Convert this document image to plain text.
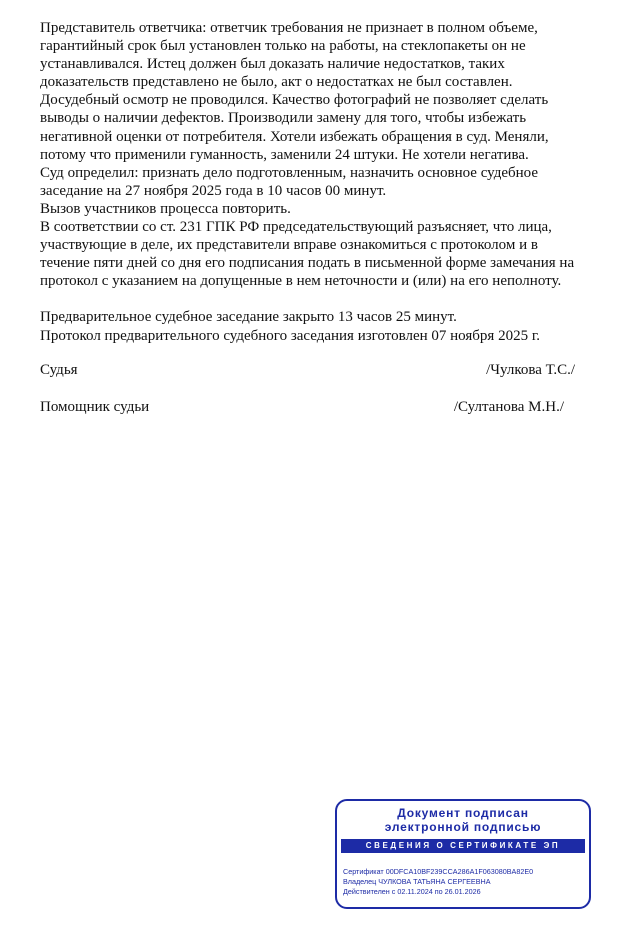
Представитель ответчика: ответчик требования не признает в полном объеме,
гарантийный срок был установлен только на работы, на стеклопакеты он не
устанавливался. Истец должен был доказать наличие недостатков, таких
доказательств представлено не было, акт о недостатках не был составлен.
Досудебный осмотр не проводился. Качество фотографий не позволяет сделать
выводы о наличии дефектов. Производили замену для того, чтобы избежать
негативной оценки от потребителя. Хотели избежать обращения в суд. Меняли,
потому что применили гуманность, заменили 24 штуки. Не хотели негатива.
Суд определил: признать дело подготовленным, назначить основное судебное
заседание на 27 ноября 2025 года в 10 часов 00 минут.
Вызов участников процесса повторить.
В соответствии со ст. 231 ГПК РФ председательствующий разъясняет, что лица,
участвующие в деле, их представители вправе ознакомиться с протоколом и в
течение пяти дней со дня его подписания подать в письменной форме замечания на
протокол с указанием на допущенные в нем неточности и (или) на его неполноту.
Предварительное судебное заседание закрыто 13 часов 25 минут.
Протокол предварительного судебного заседания изготовлен 07 ноября 2025 г.
Судья	/Чулкова Т.С./
Помощник судьи	/Султанова М.Н./
Документ подписан
электронной подписью
СВЕДЕНИЯ О СЕРТИФИКАТЕ ЭП
Сертификат 00DFCA10BF239CCA286A1F063080BA82E0
Владелец ЧУЛКОВА ТАТЬЯНА СЕРГЕЕВНА
Действителен с 02.11.2024 по 26.01.2026
